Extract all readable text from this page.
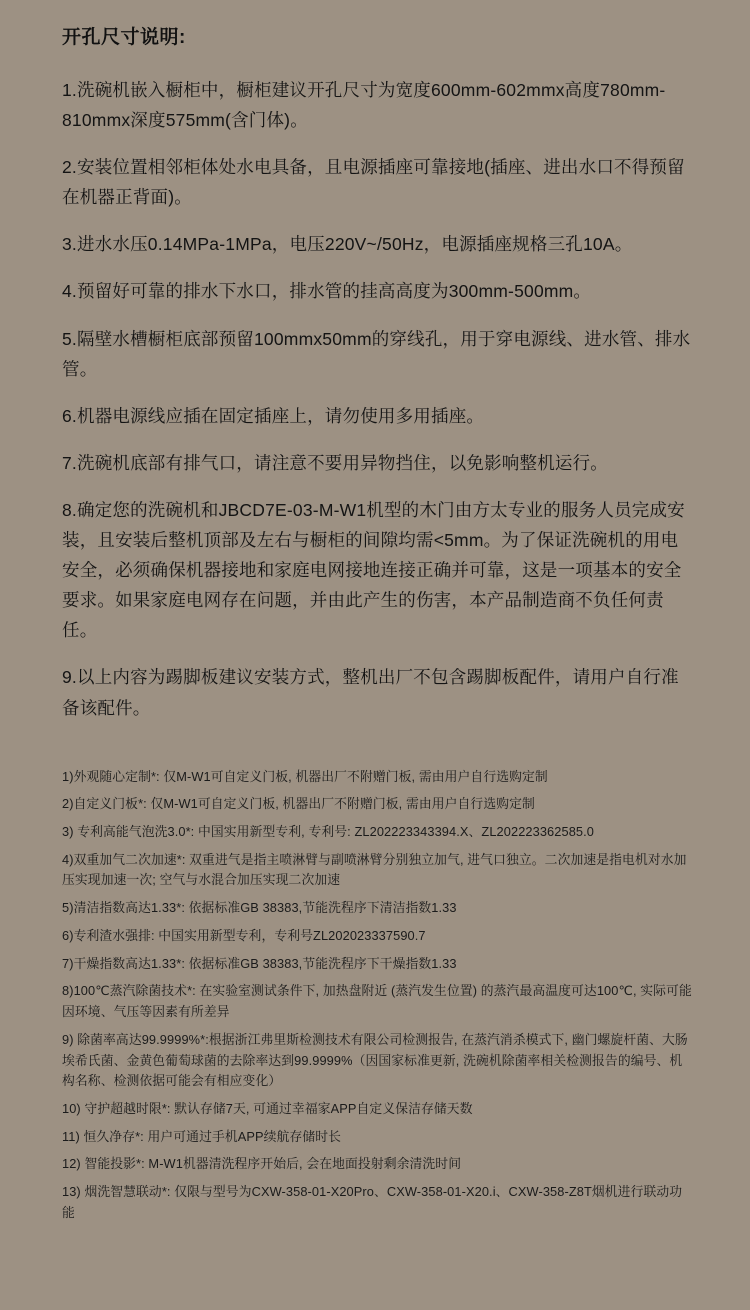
开孔尺寸说明:
1.洗碗机嵌入橱柜中，橱柜建议开孔尺寸为宽度600mm-602mmx高度780mm-810mmx深度575mm(含门体)。
2.安装位置相邻柜体处水电具备，且电源插座可靠接地(插座、进出水口不得预留在机器正背面)。
3.进水水压0.14MPa-1MPa，电压220V~/50Hz，电源插座规格三孔10A。
4.预留好可靠的排水下水口，排水管的挂高高度为300mm-500mm。
5.隔壁水槽橱柜底部预留100mmx50mm的穿线孔，用于穿电源线、进水管、排水管。
6.机器电源线应插在固定插座上，请勿使用多用插座。
7.洗碗机底部有排气口，请注意不要用异物挡住，以免影响整机运行。
8.确定您的洗碗机和JBCD7E-03-M-W1机型的木门由方太专业的服务人员完成安装，且安装后整机顶部及左右与橱柜的间隙均需<5mm。为了保证洗碗机的用电安全，必须确保机器接地和家庭电网接地连接正确并可靠，这是一项基本的安全要求。如果家庭电网存在问题，并由此产生的伤害，本产品制造商不负任何责任。
9.以上内容为踢脚板建议安装方式，整机出厂不包含踢脚板配件，请用户自行准备该配件。
1)外观随心定制*: 仅M-W1可自定义门板, 机器出厂不附赠门板, 需由用户自行选购定制
2)自定义门板*: 仅M-W1可自定义门板, 机器出厂不附赠门板, 需由用户自行选购定制
3) 专利高能气泡洗3.0*: 中国实用新型专利, 专利号: ZL202223343394.X、ZL202223362585.0
4)双重加气二次加速*: 双重进气是指主喷淋臂与副喷淋臂分别独立加气, 进气口独立。二次加速是指电机对水加压实现加速一次; 空气与水混合加压实现二次加速
5)清洁指数高达1.33*: 依据标准GB 38383,节能洗程序下清洁指数1.33
6)专利渣水强排: 中国实用新型专利，专利号ZL202023337590.7
7)干燥指数高达1.33*: 依据标准GB 38383,节能洗程序下干燥指数1.33
8)100℃蒸汽除菌技术*: 在实验室测试条件下, 加热盘附近 (蒸汽发生位置) 的蒸汽最高温度可达100℃, 实际可能因环境、气压等因素有所差异
9) 除菌率高达99.9999%*:根据浙江弗里斯检测技术有限公司检测报告, 在蒸汽消杀模式下, 幽门螺旋杆菌、大肠埃希氏菌、金黄色葡萄球菌的去除率达到99.9999%（因国家标准更新, 洗碗机除菌率相关检测报告的编号、机构名称、检测依据可能会有相应变化）
10) 守护超越时限*: 默认存储7天, 可通过幸福家APP自定义保洁存储天数
11) 恒久净存*: 用户可通过手机APP续航存储时长
12) 智能投影*: M-W1机器清洗程序开始后, 会在地面投射剩余清洗时间
13) 烟洗智慧联动*: 仅限与型号为CXW-358-01-X20Pro、CXW-358-01-X20.i、CXW-358-Z8T烟机进行联动功能
